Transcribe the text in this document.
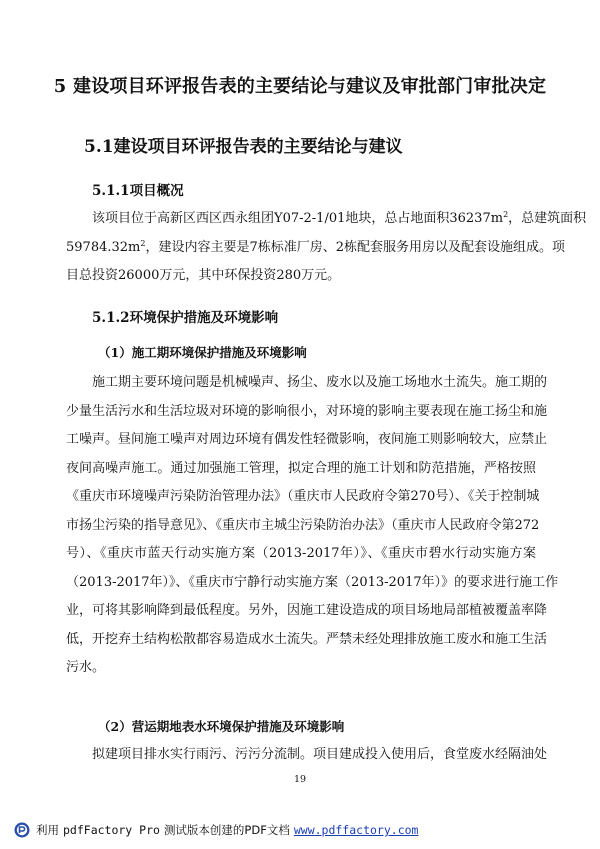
5 建设项目环评报告表的主要结论与建议及审批部门审批决定
5.1建设项目环评报告表的主要结论与建议
5.1.1项目概况
该项目位于高新区西区西永组团Y07-2-1/01地块，总占地面积$36237m^2$，总建筑面积
$59784.32m^2$，建设内容主要是7栋标准厂房、2栋配套服务用房以及配套设施组成。项
目总投资26000万元，其中环保投资280万元。
5.1.2环境保护措施及环境影响
（1）施工期环境保护措施及环境影响
施工期主要环境问题是机械噪声、扬尘、废水以及施工场地水土流失。施工期的
少量生活污水和生活垃圾对环境的影响很小，对环境的影响主要表现在施工扬尘和施
工噪声。昼间施工噪声对周边环境有偶发性轻微影响，夜间施工则影响较大，应禁止
夜间高噪声施工。通过加强施工管理，拟定合理的施工计划和防范措施，严格按照
《重庆市环境噪声污染防治管理办法》（重庆市人民政府令第270号）、《关于控制城
市扬尘污染的指导意见》、《重庆市主城尘污染防治办法》（重庆市人民政府令第272
号）、《重庆市蓝天行动实施方案（2013-2017年）》、《重庆市碧水行动实施方案
（2013-2017年）》、《重庆市宁静行动实施方案（2013-2017年）》的要求进行施工作
业，可将其影响降到最低程度。另外，因施工建设造成的项目场地局部植被覆盖率降
低，开挖弃土结构松散都容易造成水土流失。严禁未经处理排放施工废水和施工生活
污水。
（2）营运期地表水环境保护措施及环境影响
拟建项目排水实行雨污、污污分流制。项目建成投入使用后，食堂废水经隔油处
19
利用 pdfFactory Pro 测试版本创建的PDF文档 www.pdffactory.com
